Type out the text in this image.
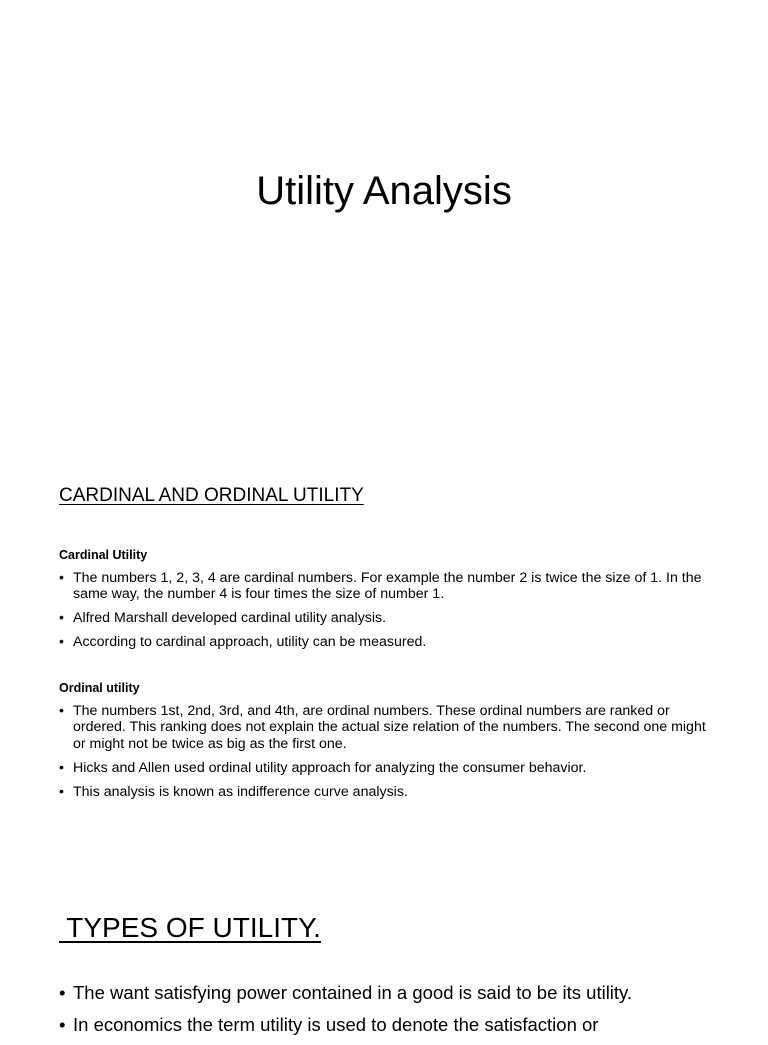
Utility Analysis
CARDINAL AND ORDINAL UTILITY
Cardinal Utility
• The numbers 1, 2, 3, 4 are cardinal numbers. For example the number 2 is twice the size of 1. In the same way, the number 4 is four times the size of number 1.
• Alfred Marshall developed cardinal utility analysis.
• According to cardinal approach, utility can be measured.
Ordinal utility
• The numbers 1st, 2nd, 3rd, and 4th, are ordinal numbers. These ordinal numbers are ranked or ordered. This ranking does not explain the actual size relation of the numbers. The second one might or might not be twice as big as the first one.
• Hicks and Allen used ordinal utility approach for analyzing the consumer behavior.
• This analysis is known as indifference curve analysis.
TYPES OF UTILITY.
• The want satisfying power contained in a good is said to be its utility.
• In economics the term utility is used to denote the satisfaction or
